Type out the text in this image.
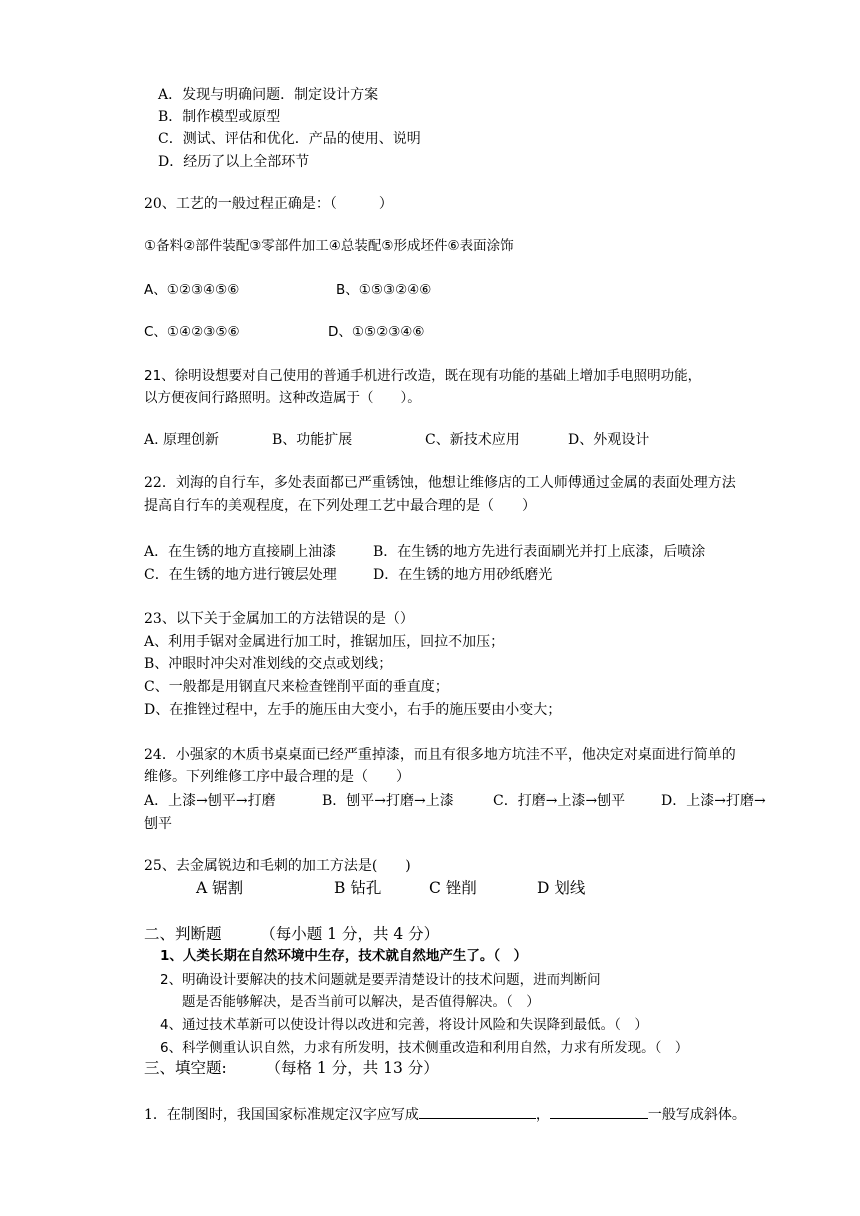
A．发现与明确问题．制定设计方案
B．制作模型或原型
C．测试、评估和优化．产品的使用、说明
D．经历了以上全部环节
20、工艺的一般过程正确是：（　　　）
①备料②部件装配③零部件加工④总装配⑤形成坯件⑥表面涂饰
A、①②③④⑤⑥	B、①⑤③②④⑥
C、①④②③⑤⑥	D、①⑤②③④⑥
21、徐明设想要对自己使用的普通手机进行改造，既在现有功能的基础上增加手电照明功能，
以方便夜间行路照明。这种改造属于（　　）。
A. 原理创新	B、功能扩展	C、新技术应用	D、外观设计
22．刘海的自行车，多处表面都已严重锈蚀，他想让维修店的工人师傅通过金属的表面处理方法
提高自行车的美观程度，在下列处理工艺中最合理的是（　　）
A．在生锈的地方直接刷上油漆	B．在生锈的地方先进行表面刷光并打上底漆，后喷涂
C．在生锈的地方进行镀层处理	D．在生锈的地方用砂纸磨光
23、以下关于金属加工的方法错误的是（）
A、利用手锯对金属进行加工时，推锯加压，回拉不加压；
B、冲眼时冲尖对准划线的交点或划线；
C、一般都是用钢直尺来检查锉削平面的垂直度；
D、在推锉过程中，左手的施压由大变小，右手的施压要由小变大；
24．小强家的木质书桌桌面已经严重掉漆，而且有很多地方坑洼不平，他决定对桌面进行简单的
维修。下列维修工序中最合理的是（　　）
A．上漆→刨平→打磨	B．刨平→打磨→上漆	C．打磨→上漆→刨平	D．上漆→打磨→
刨平
25、去金属锐边和毛刺的加工方法是(　　)
A 锯割	B 钻孔	C 锉削	D 划线
二、判断题　　　（每小题 1 分，共 4 分）
1、人类长期在自然环境中生存，技术就自然地产生了。（　）
2、明确设计要解决的技术问题就是要弄清楚设计的技术问题，进而判断问
题是否能够解决，是否当前可以解决，是否值得解决。（　）
4、通过技术革新可以使设计得以改进和完善，将设计风险和失误降到最低。（　）
6、科学侧重认识自然，力求有所发明，技术侧重改造和利用自然，力求有所发现。（　）
三、填空题:　　　（每格 1 分，共 13 分）
1．在制图时，我国国家标准规定汉字应写成	，	一般写成斜体。
